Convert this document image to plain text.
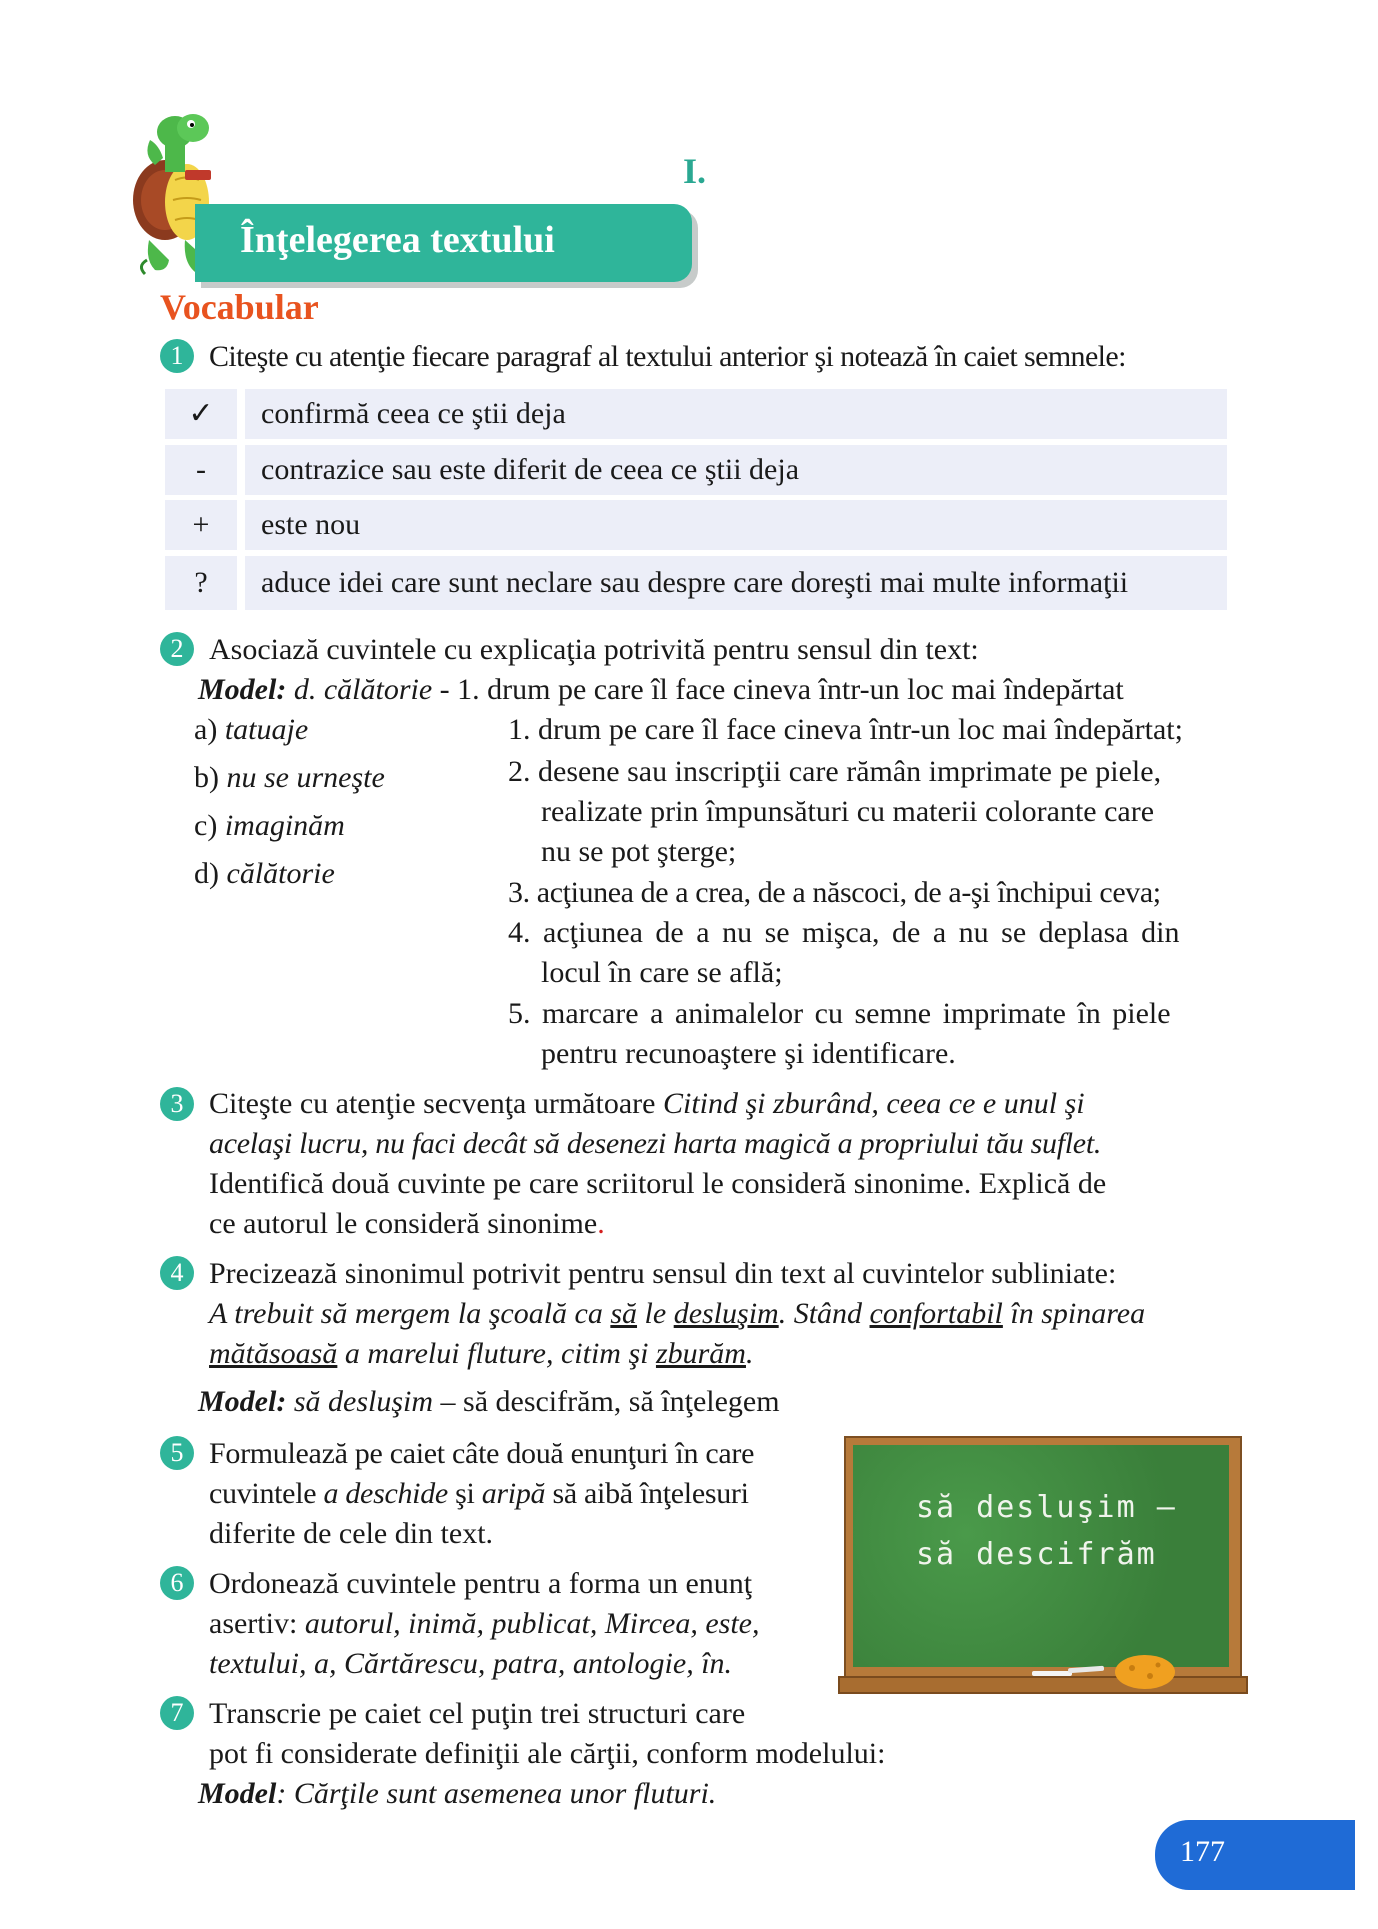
I.
Înţelegerea textului
Vocabular
1 Citeşte cu atenţie fiecare paragraf al textului anterior şi notează în caiet semnele:
✓	confirmă ceea ce ştii deja
-	contrazice sau este diferit de ceea ce ştii deja
+	este nou
?	aduce idei care sunt neclare sau despre care doreşti mai multe informaţii
2 Asociază cuvintele cu explicaţia potrivită pentru sensul din text:
Model: d. călătorie - 1. drum pe care îl face cineva într-un loc mai îndepărtat
a) tatuaje
b) nu se urneşte
c) imaginăm
d) călătorie
1. drum pe care îl face cineva într-un loc mai îndepărtat;
2. desene sau inscripţii care rămân imprimate pe piele,
realizate prin împunsături cu materii colorante care
nu se pot şterge;
3. acţiunea de a crea, de a născoci, de a-şi închipui ceva;
4. acţiunea de a nu se mişca, de a nu se deplasa din
locul în care se află;
5. marcare a animalelor cu semne imprimate în piele
pentru recunoaştere şi identificare.
3 Citeşte cu atenţie secvenţa următoare Citind şi zburând, ceea ce e unul şi
acelaşi lucru, nu faci decât să desenezi harta magică a propriului tău suflet.
Identifică două cuvinte pe care scriitorul le consideră sinonime. Explică de
ce autorul le consideră sinonime.
4 Precizează sinonimul potrivit pentru sensul din text al cuvintelor subliniate:
A trebuit să mergem la şcoală ca să le desluşim. Stând confortabil în spinarea
mătăsoasă a marelui fluture, citim şi zburăm.
Model: să desluşim – să descifrăm, să înţelegem
5 Formulează pe caiet câte două enunţuri în care
cuvintele a deschide şi aripă să aibă înţelesuri
diferite de cele din text.
6 Ordonează cuvintele pentru a forma un enunţ
asertiv: autorul, inimă, publicat, Mircea, este,
textului, a, Cărtărescu, patra, antologie, în.
7 Transcrie pe caiet cel puţin trei structuri care
pot fi considerate definiţii ale cărţii, conform modelului:
Model: Cărţile sunt asemenea unor fluturi.
să desluşim –
să descifrăm
177
